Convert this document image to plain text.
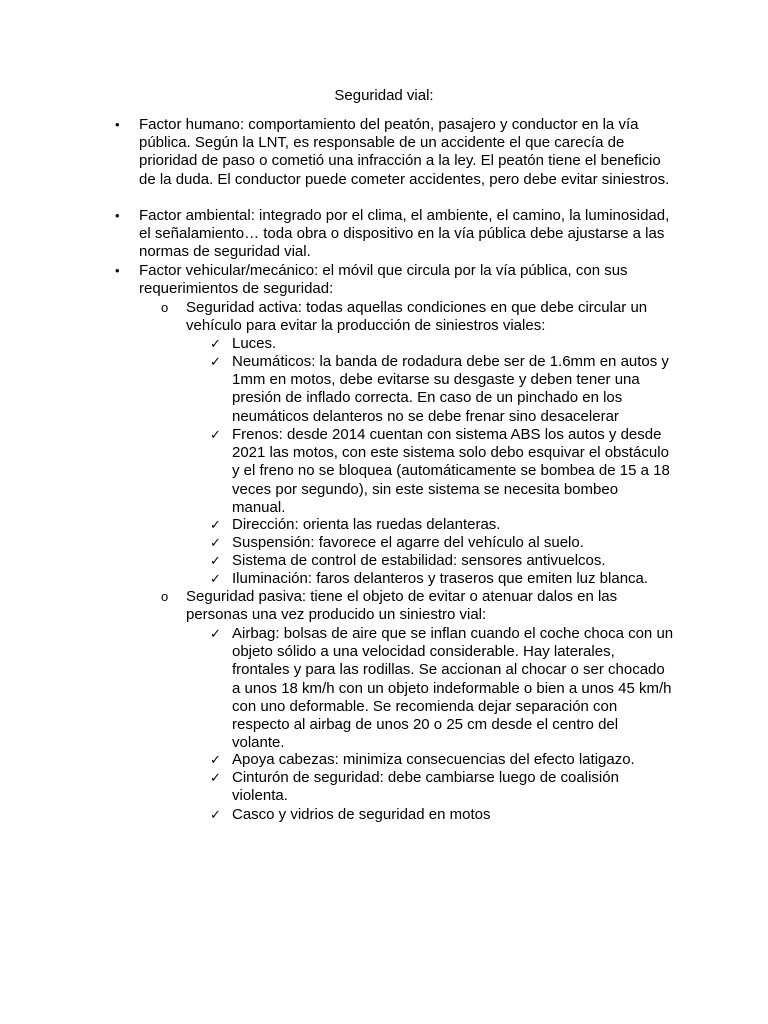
Seguridad vial:
• Factor humano: comportamiento del peatón, pasajero y conductor en la vía pública. Según la LNT, es responsable de un accidente el que carecía de prioridad de paso o cometió una infracción a la ley. El peatón tiene el beneficio de la duda. El conductor puede cometer accidentes, pero debe evitar siniestros.
• Factor ambiental: integrado por el clima, el ambiente, el camino, la luminosidad, el señalamiento… toda obra o dispositivo en la vía pública debe ajustarse a las normas de seguridad vial.
• Factor vehicular/mecánico: el móvil que circula por la vía pública, con sus requerimientos de seguridad:
o Seguridad activa: todas aquellas condiciones en que debe circular un vehículo para evitar la producción de siniestros viales:
✓ Luces.
✓ Neumáticos: la banda de rodadura debe ser de 1.6mm en autos y 1mm en motos, debe evitarse su desgaste y deben tener una presión de inflado correcta. En caso de un pinchado en los neumáticos delanteros no se debe frenar sino desacelerar
✓ Frenos: desde 2014 cuentan con sistema ABS los autos y desde 2021 las motos, con este sistema solo debo esquivar el obstáculo y el freno no se bloquea (automáticamente se bombea de 15 a 18 veces por segundo), sin este sistema se necesita bombeo manual.
✓ Dirección: orienta las ruedas delanteras.
✓ Suspensión: favorece el agarre del vehículo al suelo.
✓ Sistema de control de estabilidad: sensores antivuelcos.
✓ Iluminación: faros delanteros y traseros que emiten luz blanca.
o Seguridad pasiva: tiene el objeto de evitar o atenuar dalos en las personas una vez producido un siniestro vial:
✓ Airbag: bolsas de aire que se inflan cuando el coche choca con un objeto sólido a una velocidad considerable. Hay laterales, frontales y para las rodillas. Se accionan al chocar o ser chocado a unos 18 km/h con un objeto indeformable o bien a unos 45 km/h con uno deformable. Se recomienda dejar separación con respecto al airbag de unos 20 o 25 cm desde el centro del volante.
✓ Apoya cabezas: minimiza consecuencias del efecto latigazo.
✓ Cinturón de seguridad: debe cambiarse luego de coalisión violenta.
✓ Casco y vidrios de seguridad en motos
